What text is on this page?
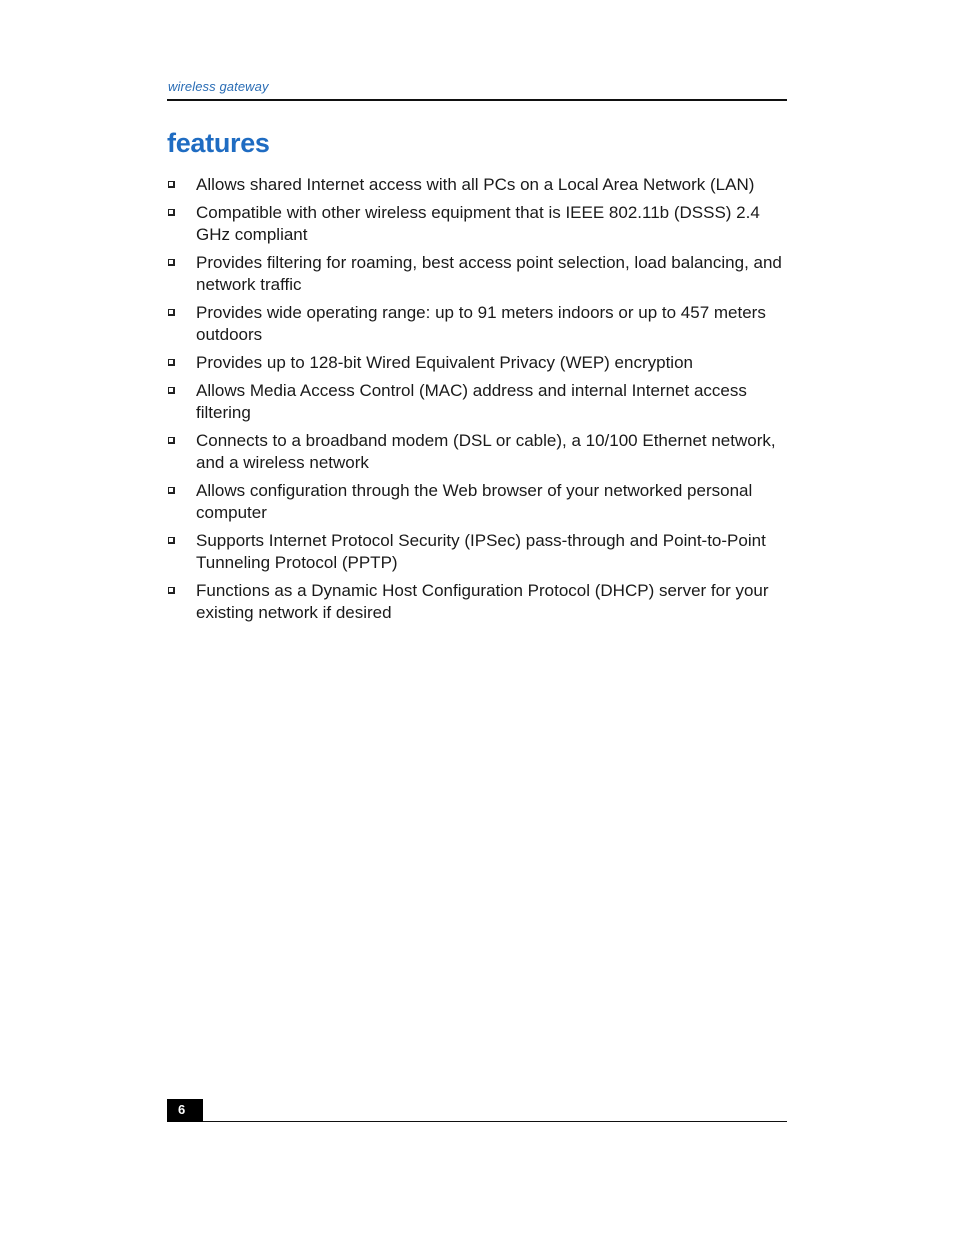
wireless gateway
features
Allows shared Internet access with all PCs on a Local Area Network (LAN)
Compatible with other wireless equipment that is IEEE 802.11b (DSSS) 2.4 GHz compliant
Provides filtering for roaming, best access point selection, load balancing, and network traffic
Provides wide operating range: up to 91 meters indoors or up to 457 meters outdoors
Provides up to 128-bit Wired Equivalent Privacy (WEP) encryption
Allows Media Access Control (MAC) address and internal Internet access filtering
Connects to a broadband modem (DSL or cable), a 10/100 Ethernet network, and a wireless network
Allows configuration through the Web browser of your networked personal computer
Supports Internet Protocol Security (IPSec) pass-through and Point-to-Point Tunneling Protocol (PPTP)
Functions as a Dynamic Host Configuration Protocol (DHCP) server for your existing network if desired
6
